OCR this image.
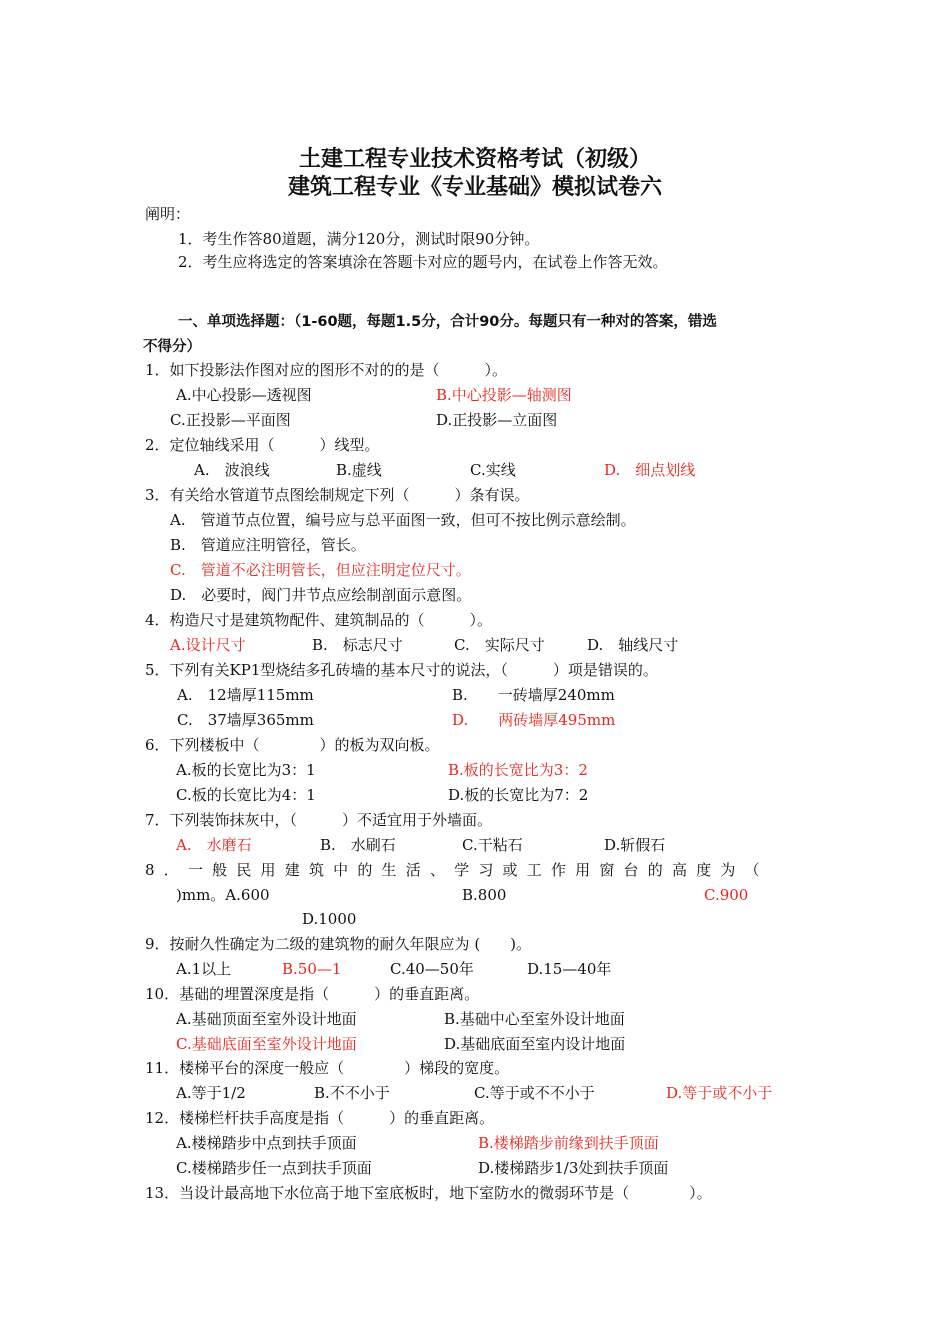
土建工程专业技术资格考试（初级）
建筑工程专业《专业基础》模拟试卷六
阐明：
1．考生作答80道题，满分120分，测试时限90分钟。
2．考生应将选定的答案填涂在答题卡对应的题号内，在试卷上作答无效。
一、单项选择题：（1-60题，每题1.5分，合计90分。每题只有一种对的答案，错选
不得分）
1．如下投影法作图对应的图形不对的的是（　　　）。
A.中心投影—透视图	B.中心投影—轴测图
C.正投影—平面图	D.正投影—立面图
2．定位轴线采用（　　　）线型。
A.　波浪线	B.虚线	C.实线	D.　细点划线
3．有关给水管道节点图绘制规定下列（　　　）条有误。
A.　管道节点位置，编号应与总平面图一致，但可不按比例示意绘制。
B.　管道应注明管径，管长。
C.　管道不必注明管长，但应注明定位尺寸。
D.　必要时，阀门井节点应绘制剖面示意图。
4．构造尺寸是建筑物配件、建筑制品的（　　　）。
A.设计尺寸	B.　标志尺寸	C.　实际尺寸	D.　轴线尺寸
5．下列有关KP1型烧结多孔砖墙的基本尺寸的说法，（　　　）项是错误的。
A.　12墙厚115mm	B.　　一砖墙厚240mm
C.　37墙厚365mm	D.　　两砖墙厚495mm
6．下列楼板中（　　　　）的板为双向板。
A.板的长宽比为3：1	B.板的长宽比为3：2
C.板的长宽比为4：1	D.板的长宽比为7：2
7．下列装饰抹灰中，（　　　）不适宜用于外墙面。
A.　水磨石	B.　水刷石	C.干粘石	D.斩假石
8．一般民用建筑中的生活、学习或工作用窗台的高度为（
)mm。A.600	B.800	C.900
D.1000
9．按耐久性确定为二级的建筑物的耐久年限应为 (　　)。
A.1以上	B.50—1	C.40—50年	D.15—40年
10．基础的埋置深度是指（　　　）的垂直距离。
A.基础顶面至室外设计地面	B.基础中心至室外设计地面
C.基础底面至室外设计地面	D.基础底面至室内设计地面
11．楼梯平台的深度一般应（　　　　）梯段的宽度。
A.等于1/2	B.不不小于	C.等于或不不小于	D.等于或不小于
12．楼梯栏杆扶手高度是指（　　　）的垂直距离。
A.楼梯踏步中点到扶手顶面	B.楼梯踏步前缘到扶手顶面
C.楼梯踏步任一点到扶手顶面	D.楼梯踏步1/3处到扶手顶面
13．当设计最高地下水位高于地下室底板时，地下室防水的微弱环节是（　　　　）。
